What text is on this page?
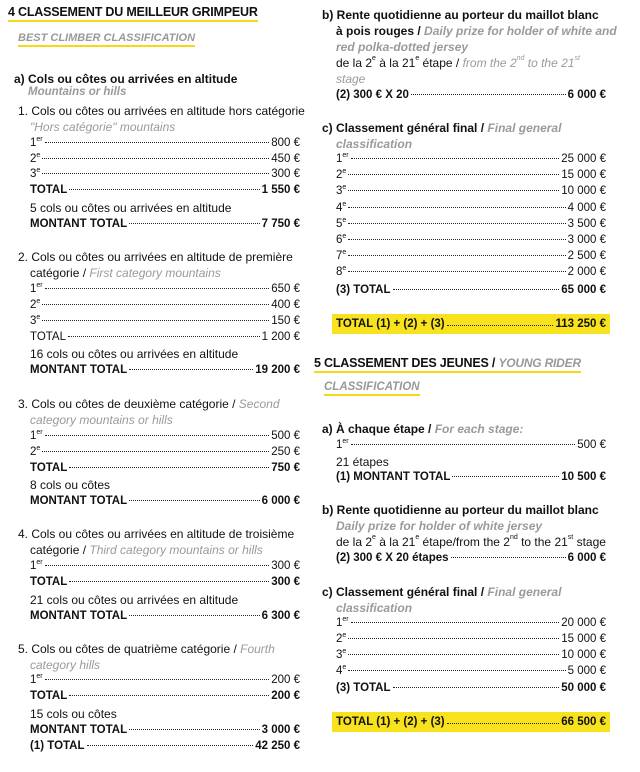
4 CLASSEMENT DU MEILLEUR GRIMPEUR
BEST CLIMBER CLASSIFICATION
a) Cols ou côtes ou arrivées en altitude
Mountains or hills
1. Cols ou côtes ou arrivées en altitude hors catégorie
"Hors catégorie" mountains
1er	800 €
2e	450 €
3e	300 €
TOTAL	1 550 €
5 cols ou côtes ou arrivées en altitude
MONTANT TOTAL	7 750 €
2. Cols ou côtes ou arrivées en altitude de première
catégorie / First category mountains
1er	650 €
2e	400 €
3e	150 €
TOTAL	1 200 €
16 cols ou côtes ou arrivées en altitude
MONTANT TOTAL	19 200 €
3. Cols ou côtes de deuxième catégorie / Second
category mountains or hills
1er	500 €
2e	250 €
TOTAL	750 €
8 cols ou côtes
MONTANT TOTAL	6 000 €
4. Cols ou côtes ou arrivées en altitude de troisième
catégorie / Third category mountains or hills
1er	300 €
TOTAL	300 €
21 cols ou côtes ou arrivées en altitude
MONTANT TOTAL	6 300 €
5. Cols ou côtes de quatrième catégorie / Fourth
category hills
1er	200 €
TOTAL	200 €
15 cols ou côtes
MONTANT TOTAL	3 000 €
(1) TOTAL	42 250 €
b) Rente quotidienne au porteur du maillot blanc
à pois rouges / Daily prize for holder of white and
red polka-dotted jersey
de la 2e à la 21e étape / from the 2nd to the 21st
stage
(2) 300 € X 20	6 000 €
c) Classement général final / Final general
classification
1er	25 000 €
2e	15 000 €
3e	10 000 €
4e	4 000 €
5e	3 500 €
6e	3 000 €
7e	2 500 €
8e	2 000 €
(3) TOTAL	65 000 €
TOTAL (1) + (2) + (3)	113 250 €
5 CLASSEMENT DES JEUNES / YOUNG RIDER
CLASSIFICATION
a) À chaque étape / For each stage:
1er	500 €
21 étapes
(1) MONTANT TOTAL	10 500 €
b) Rente quotidienne au porteur du maillot blanc
Daily prize for holder of white jersey
de la 2e à la 21e étape/from the 2nd to the 21st stage
(2) 300 € X 20 étapes	6 000 €
c) Classement général final / Final general
classification
1er	20 000 €
2e	15 000 €
3e	10 000 €
4e	5 000 €
(3) TOTAL	50 000 €
TOTAL (1) + (2) + (3)	66 500 €
